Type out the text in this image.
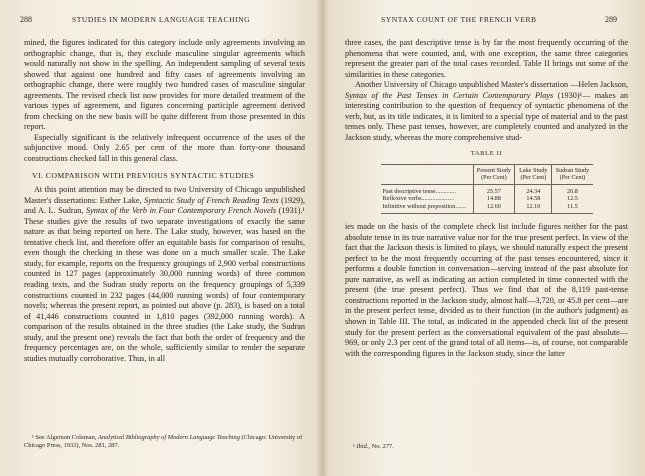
288	STUDIES IN MODERN LANGUAGE TEACHING

mined, the figures indicated for this category include only agreements involving an orthographic change, that is, they exclude masculine singular agreements which would naturally not show in the spelling. An independent sampling of several texts showed that against one hundred and fifty cases of agreements involving an orthographic change, there were roughly two hundred cases of masculine singular agreements. The revised check list now provides for more detailed treatment of the various types of agreement, and figures concerning participle agreement derived from checking on the new basis will be quite different from those presented in this report.

Especially significant is the relatively infrequent occurrence of the uses of the subjunctive mood. Only 2.65 per cent of the more than forty-one thousand constructions checked fall in this general class.

VI. COMPARISON WITH PREVIOUS SYNTACTIC STUDIES

At this point attention may be directed to two University of Chicago unpublished Master's dissertations: Esther Lake, Syntactic Study of French Reading Texts (1929), and A. L. Sudran, Syntax of the Verb in Four Contemporary French Novels (1931).¹ These studies give the results of two separate investigations of exactly the same nature as that being reported on here. The Lake study, however, was based on the tentative check list, and therefore offer an equitable basis for comparison of results, even though the checking in these was done on a much smaller scale. The Lake study, for example, reports on the frequency groupings of 2,900 verbal constructions counted in 127 pages (approximately 30,000 running words) of three common reading texts, and the Sudran study reports on the frequency groupings of 5,339 constructions counted in 232 pages (44,000 running words) of four contemporary novels; whereas the present report, as pointed out above (p. 283), is based on a total of 41,446 constructions counted in 1,810 pages (392,000 running words). A comparison of the results obtained in the three studies (the Lake study, the Sudran study, and the present one) reveals the fact that both the order of frequency and the frequency percentages are, on the whole, sufficiently similar to render the separate studies mutually corroborative. Thus, in all

¹ See Algernon Coleman, Analytical Bibliography of Modern Language Teaching (Chicago: University of Chicago Press, 1933), Nos. 281, 287.
SYNTAX COUNT OF THE FRENCH VERB	289

three cases, the past descriptive tense is by far the most frequently occurring of the phenomena that were counted, and, with one exception, the same three categories represent the greater part of the total cases recorded. Table II brings out some of the similarities in these categories.

Another University of Chicago unpublished Master's dissertation —Helen Jackson, Syntax of the Past Tenses in Certain Contemporary Plays (1930)¹— makes an interesting contribution to the question of frequency of syntactic phenomena of the verb, but, as its title indicates, it is limited to a special type of material and to the past tenses only. These past tenses, however, are completely counted and analyzed in the Jackson study, whereas the more comprehensive stud-

TABLE II

	Present Study (Per Cent)	Lake Study (Per Cent)	Sudran Study (Per Cent)
Past descriptive tense.............	25.57	24.34	20.8
Reflexive verbs.....................	14.88	14.58	12.5
Infinitive without preposition.......	12.60	12.10	11.5

ies made on the basis of the complete check list include figures neither for the past absolute tense in its true narrative value nor for the true present perfect. In view of the fact that the Jackson thesis is limited to plays, we should naturally expect the present perfect to be the most frequently occurring of the past tenses encountered, since it performs a double function in conversation—serving instead of the past absolute for pure narrative, as well as indicating an action completed in time connected with the present (the true present perfect). Thus we find that of the 8,119 past-tense constructions reported in the Jackson study, almost half—3,720, or 45.8 per cent—are in the present perfect tense, divided as to their function (in the author's judgment) as shown in Table III. The total, as indicated in the appended check list of the present study for the present perfect as the conversational equivalent of the past absolute—969, or only 2.3 per cent of the grand total of all items—is, of course, not comparable with the corresponding figures in the Jackson study, since the latter

¹ Ibid., No. 277.
